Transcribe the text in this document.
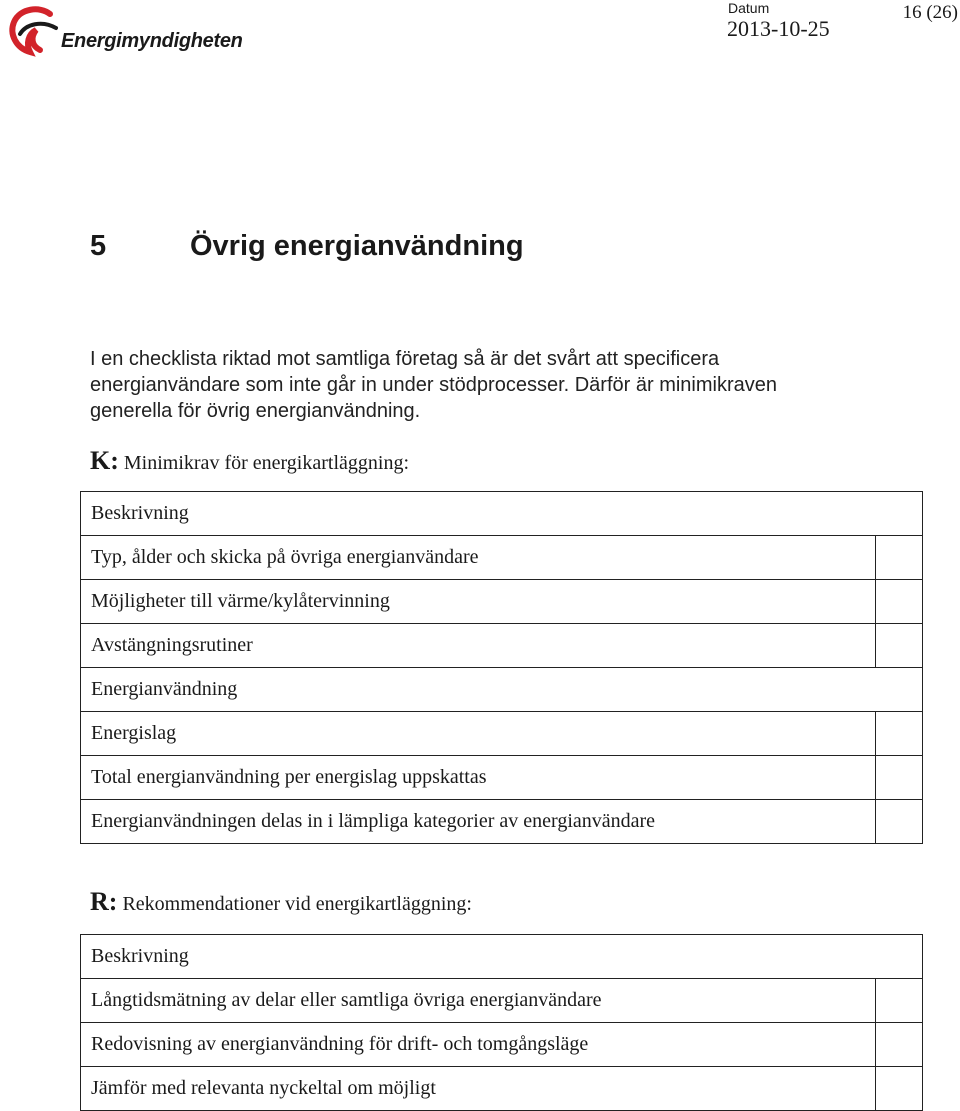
Energimyndigheten
Datum
2013-10-25
16 (26)
5	Övrig energianvändning

I en checklista riktad mot samtliga företag så är det svårt att specificera energianvändare som inte går in under stödprocesser. Därför är minimikraven generella för övrig energianvändning.

K: Minimikrav för energikartläggning:
Beskrivning	
Typ, ålder och skicka på övriga energianvändare	
Möjligheter till värme/kylåtervinning	
Avstängningsrutiner	
Energianvändning	
Energislag	
Total energianvändning per energislag uppskattas	
Energianvändningen delas in i lämpliga kategorier av energianvändare	
R: Rekommendationer vid energikartläggning:
Beskrivning	
Långtidsmätning av delar eller samtliga övriga energianvändare	
Redovisning av energianvändning för drift- och tomgångsläge	
Jämför med relevanta nyckeltal om möjligt	
